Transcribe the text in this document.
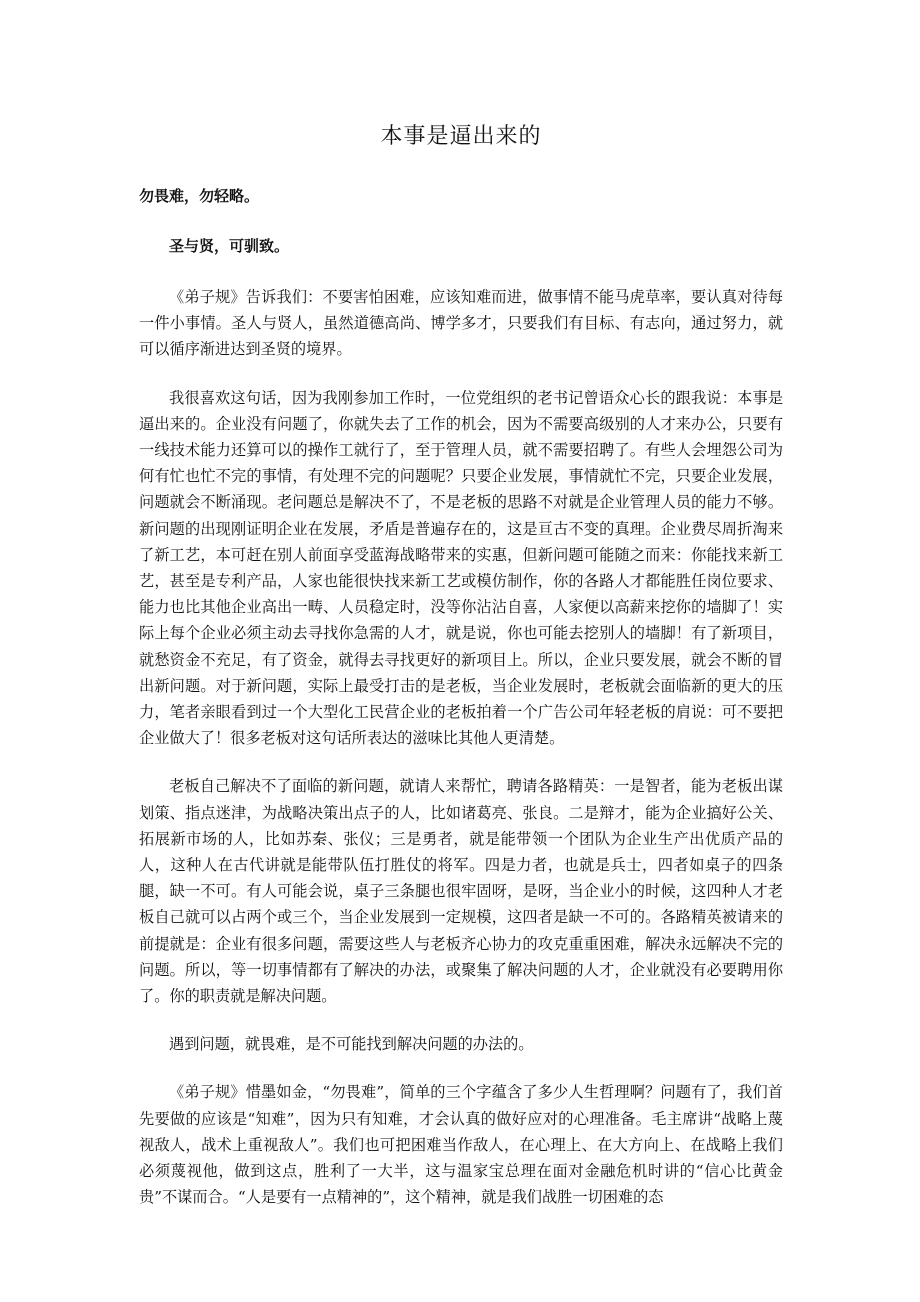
本事是逼出来的

勿畏难，勿轻略。

圣与贤，可驯致。

《弟子规》告诉我们：不要害怕困难，应该知难而进，做事情不能马虎草率，要认真对待每一件小事情。圣人与贤人，虽然道德高尚、博学多才，只要我们有目标、有志向，通过努力，就可以循序渐进达到圣贤的境界。

我很喜欢这句话，因为我刚参加工作时，一位党组织的老书记曾语众心长的跟我说：本事是逼出来的。企业没有问题了，你就失去了工作的机会，因为不需要高级别的人才来办公，只要有一线技术能力还算可以的操作工就行了，至于管理人员，就不需要招聘了。有些人会埋怨公司为何有忙也忙不完的事情，有处理不完的问题呢？只要企业发展，事情就忙不完，只要企业发展，问题就会不断涌现。老问题总是解决不了，不是老板的思路不对就是企业管理人员的能力不够。新问题的出现刚证明企业在发展，矛盾是普遍存在的，这是亘古不变的真理。企业费尽周折淘来了新工艺，本可赶在别人前面享受蓝海战略带来的实惠，但新问题可能随之而来：你能找来新工艺，甚至是专利产品，人家也能很快找来新工艺或模仿制作，你的各路人才都能胜任岗位要求、能力也比其他企业高出一畴、人员稳定时，没等你沾沾自喜，人家便以高薪来挖你的墙脚了！实际上每个企业必须主动去寻找你急需的人才，就是说，你也可能去挖别人的墙脚！有了新项目，就愁资金不充足，有了资金，就得去寻找更好的新项目上。所以，企业只要发展，就会不断的冒出新问题。对于新问题，实际上最受打击的是老板，当企业发展时，老板就会面临新的更大的压力，笔者亲眼看到过一个大型化工民营企业的老板拍着一个广告公司年轻老板的肩说：可不要把企业做大了！很多老板对这句话所表达的滋味比其他人更清楚。

老板自己解决不了面临的新问题，就请人来帮忙，聘请各路精英：一是智者，能为老板出谋划策、指点迷津，为战略决策出点子的人，比如诸葛亮、张良。二是辩才，能为企业搞好公关、拓展新市场的人，比如苏秦、张仪；三是勇者，就是能带领一个团队为企业生产出优质产品的人，这种人在古代讲就是能带队伍打胜仗的将军。四是力者，也就是兵士，四者如桌子的四条腿，缺一不可。有人可能会说，桌子三条腿也很牢固呀，是呀，当企业小的时候，这四种人才老板自己就可以占两个或三个，当企业发展到一定规模，这四者是缺一不可的。各路精英被请来的前提就是：企业有很多问题，需要这些人与老板齐心协力的攻克重重困难，解决永远解决不完的问题。所以，等一切事情都有了解决的办法，或聚集了解决问题的人才，企业就没有必要聘用你了。你的职责就是解决问题。

遇到问题，就畏难，是不可能找到解决问题的办法的。

《弟子规》惜墨如金，“勿畏难”，简单的三个字蕴含了多少人生哲理啊？问题有了，我们首先要做的应该是“知难”，因为只有知难，才会认真的做好应对的心理准备。毛主席讲“战略上蔑视敌人，战术上重视敌人”。我们也可把困难当作敌人，在心理上、在大方向上、在战略上我们必须蔑视他，做到这点，胜利了一大半，这与温家宝总理在面对金融危机时讲的“信心比黄金贵”不谋而合。“人是要有一点精神的”，这个精神，就是我们战胜一切困难的态
